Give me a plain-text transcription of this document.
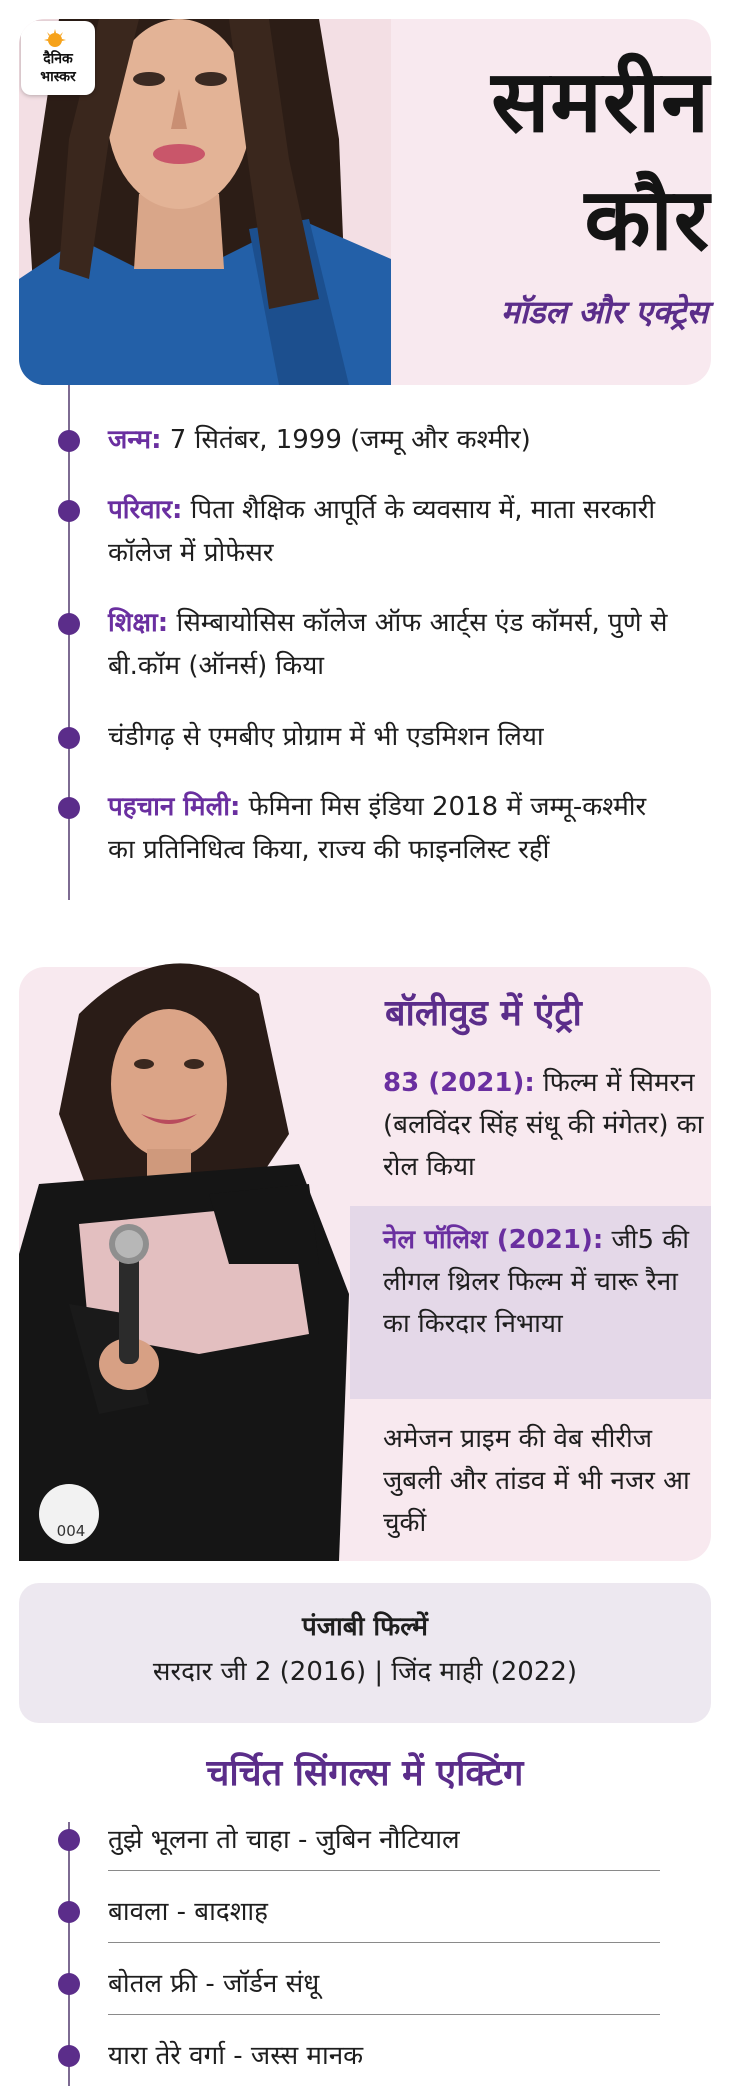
दैनिक
भास्कर	समरीन
कौर
मॉडल और एक्ट्रेस
जन्म: 7 सितंबर, 1999 (जम्मू और कश्मीर)
परिवार: पिता शैक्षिक आपूर्ति के व्यवसाय में, माता सरकारी कॉलेज में प्रोफेसर
शिक्षा: सिम्बायोसिस कॉलेज ऑफ आर्ट्स एंड कॉमर्स, पुणे से बी.कॉम (ऑनर्स) किया
चंडीगढ़ से एमबीए प्रोग्राम में भी एडमिशन लिया
पहचान मिली: फेमिना मिस इंडिया 2018 में जम्मू-कश्मीर का प्रतिनिधित्व किया, राज्य की फाइनलिस्ट रहीं
004
बॉलीवुड में एंट्री
83 (2021): फिल्म में सिमरन (बलविंदर सिंह संधू की मंगेतर) का रोल किया
नेल पॉलिश (2021): जी5 की लीगल थ्रिलर फिल्म में चारू रैना का किरदार निभाया
अमेजन प्राइम की वेब सीरीज जुबली और तांडव में भी नजर आ चुकीं
पंजाबी फिल्में
सरदार जी 2 (2016) | जिंद माही (2022)
चर्चित सिंगल्स में एक्टिंग
तुझे भूलना तो चाहा - जुबिन नौटियाल
बावला - बादशाह
बोतल फ्री - जॉर्डन संधू
यारा तेरे वर्गा - जस्स मानक
